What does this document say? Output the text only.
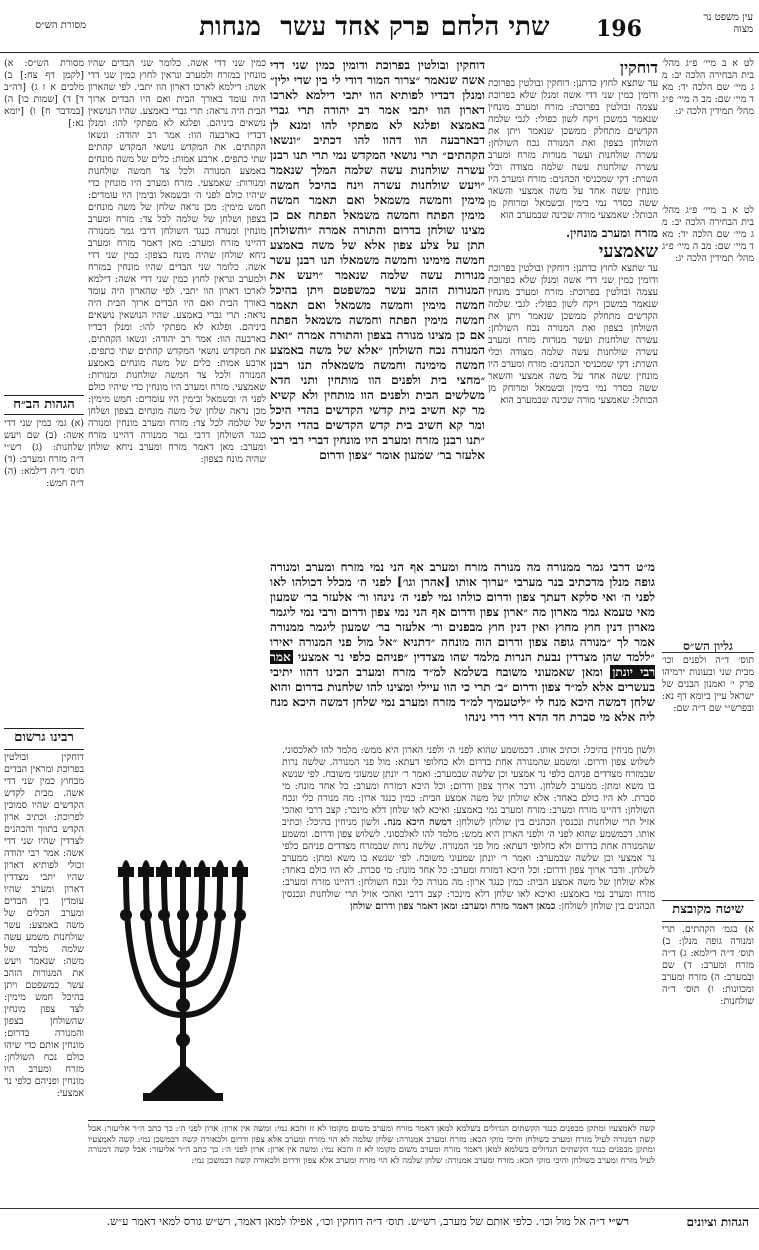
מסורת הש״ס	מנחות פרק אחד עשר שתי הלחם 196	עין משפט נר מצוה
לט א ב מיי׳ פ״ג מהל׳ בית הבחירה הלכה יב: מ ג מיי׳ שם הלכה יד: מא ד מיי׳ שם: מב ה מיי׳ פ״ג מהל׳ תמידין הלכה יג:
דוחקין
עד שתצא לחוץ כדתנן: דוחקין ובולטין בפרוכת ודומין כמין שני דדי אשה ומנלן שלא בפרוכת עצמה ובולטין בפרוכת: מזרח ומערב מונחין שנאמר במשכן ויקח לשון כפולי: לגבי שלמה הקדשים מתחלק ממשכן שנאמר ויתן את השולחן בצפון ואת המנורה נכח השולחן: עשרה שולחנות ועשר מנורות מזרח ומערב עשרה שולחנות עשה שלמה מצודה וכלי השרת: דקי שמכניסי הכהנים: מזרח ומערב היו מונחין ששה אחד על משה אמצעי והשאר ששה כסדר נמי בימין ובשמאל ומרוחק מן הכותל: שאמצעי מורה שכינה שבמערב הוא
מזרח ומערב מונחין.
שאמצעי
עד שתצא לחוץ כדתנן: דוחקין ובולטין בפרוכת ודומין כמין שני דדי אשה ומנלן שלא בפרוכת עצמה ובולטין בפרוכת: מזרח ומערב מונחין שנאמר במשכן ויקח לשון כפולי: לגבי שלמה הקדשים מתחלק ממשכן שנאמר ויתן את השולחן בצפון ואת המנורה נכח השולחן: עשרה שולחנות ועשר מנורות מזרח ומערב עשרה שולחנות עשה שלמה מצודה וכלי השרת: דקי שמכניסי הכהנים: מזרח ומערב היו מונחין ששה אחד על משה אמצעי והשאר ששה כסדר נמי בימין ובשמאל ומרוחק מן הכותל: שאמצעי מורה שכינה שבמערב הוא
לט א ב מיי׳ פ״ג מהל׳ בית הבחירה הלכה יב: מ ג מיי׳ שם הלכה יד: מא ד מיי׳ שם: מב ה מיי׳ פ״ג מהל׳ תמידין הלכה יג:
גליון הש״ס
תוס׳ ד״ה ולפנים וכו׳ מבית שני ובעונות ירמיהו פרק י׳ ואמנון הבנים של ישראל עיין ביומא דף נא: ובפרש״י שם ד״ה שם:
דוחקין ובולטין בפרוכת ודומין כמין שני דדי אשה שנאמר ״צרור המור דודי לי בין שדי ילין״ ומנלן דבדיו לפותיא הוו יתבי דילמא לארכו דארון הוו יתבי אמר רב יהודה תרי גברי באמצא ופלגא לא מפתקי להו ומנא לן דבארבעה הוו דהוו להו דכתיב ״ונשאו הקהתים״ תרי נושאי המקדש נמי תרי תנו רבנן עשרה שולחנות עשה שלמה המלך שנאמר ״ויעש שולחנות עשרה וינח בהיכל חמשה מימין וחמשה משמאל ואם תאמר חמשה מימין הפתח וחמשה משמאל הפתח אם כן מצינו שולחן בדרום והתורה אמרה ״והשולחן תתן על צלע צפון אלא של משה באמצע חמשה מימינו וחמשה משמאלו תנו רבנן עשר מנורות עשה שלמה שנאמר ״ויעש את המנורות הזהב עשר כמשפטם ויתן בהיכל חמשה מימין וחמשה משמאל ואם תאמר חמשה מימין הפתח וחמשה משמאל הפתח אם כן מצינו מנורה בצפון והתורה אמרה ״ואת המנורה נכח השולחן ״אלא של משה באמצע חמשה מימינה וחמשה משמאלה תנו רבנן ״מחצי בית ולפנים הוו מותחין ותני חדא משלשים הבית ולפנים הוו מותחין ולא קשיא מר קא חשיב בית קדשי הקדשים בהדי היכל ומר קא חשיב בית קדש הקדשים בהדי היכל ״תנו רבנן מזרח ומערב היו מונחין דברי רבי רבי אלעזר בר׳ שמעון אומר ״צפון ודרום
מ״ט דרבי גמר ממנורה מה מנורה מזרח ומערב אף הני נמי מזרח ומערב ומנורה גופה מנלן מדכתיב בנר מערבי ״ערוך אותו [אהרן וגו׳] לפני ה׳ מכלל דכולהו לאו לפני ה׳ ואי סלקא דעתך צפון ודרום כולהו נמי לפני ה׳ נינהו ור׳ אלעזר בר׳ שמעון מאי טעמא גמר מארון מה ״ארון צפון ודרום אף הני נמי צפון ודרום ורבי נמי ליגמר מארון דנין חוץ מחוץ ואין דנין חוץ מבפנים ור׳ אלעזר בר׳ שמעון ליגמר ממנורה אמר לך ״מנורה גופה צפון ודרום הוה מונחה ״דתניא ״אל מול פני המנורה יאירו ״ללמד שהן מצדדין נבעת הנרות מלמד שהו מצדדין ״פניהם כלפי נר אמצעי אמר רבי יונתן ומאן שאמעוני משובח בשלמא למ״ד מזרח ומערב הכינו דהוו יתיבי בעשרים אלא למ״ד צפון ודרום ״ב׳ תרי כי הוו עיילי ומצינו להו שלחנות בדרום והוא שלחן דמשה היכא מנח לי ״ליטעמיך למ״ד מזרח ומערב נמי שלחן דמשה היכא מנח ליה אלא מי סברת חד הדא דרי דרי נינהו
כמין שני דדי אשה. כלומר שני הבדים שהיו מונחין במזרח ולמערב ונראין לחוץ כמין שני דדי אשה: דילמא לארכו דארון הוו יתבי. לפי שהארון היה עומד באורך הבית ואם היו הבדים ארוך הבית היה נראה: תרי גברי באמצע. שהיו הנושאין נושאים ביניהם. ופלגא לא מפתקי להו: ומנלן דבדיו בארבעה הוו: אמר רב יהודה: ונשאו הקהתים. את המקדש נושאי המקדש קהתים שתי כתפים. ארבע אמות: כלים של משה מונחים באמצע המנורה ולכל צד חמשה שולחנות ומנורות: שאמצעי. מזרח ומערב היו מונחין כדי שיהיו כולם לפני ה׳ ובשמאל ובימין היו עומדים: חמש מימין: מכן נראה שלחן של משה מונחים בצפון ושלחן של שלמה לכל צד: מזרח ומערב מונחין ומנורה כנגד השולחן דרבי גמר ממנורה דהיינו מזרח ומערב: מאן דאמר מזרח ומערב ניחא שולחן שהיה מונח בצפון: כמין שני דדי אשה. כלומר שני הבדים שהיו מונחין במזרח ולמערב ונראין לחוץ כמין שני דדי אשה: דילמא לארכו דארון הוו יתבי. לפי שהארון היה עומד באורך הבית ואם היו הבדים ארוך הבית היה נראה: תרי גברי באמצע. שהיו הנושאין נושאים ביניהם. ופלגא לא מפתקי להו: ומנלן דבדיו בארבעה הוו: אמר רב יהודה: ונשאו הקהתים. את המקדש נושאי המקדש קהתים שתי כתפים. ארבע אמות: כלים של משה מונחים באמצע המנורה ולכל צד חמשה שולחנות ומנורות: שאמצעי. מזרח ומערב היו מונחין כדי שיהיו כולם לפני ה׳ ובשמאל ובימין היו עומדים: חמש מימין: מכן נראה שלחן של משה מונחים בצפון ושלחן של שלמה לכל צד: מזרח ומערב מונחין ומנורה כנגד השולחן דרבי גמר ממנורה דהיינו מזרח ומערב: מאן דאמר מזרח ומערב ניחא שולחן שהיה מונח בצפון:
מסורת הש״ס: א) [לקמן דף צח:] ב) מלכים א ז ג) [דה״ב ד] ד) [שמות כו] ה) [במדבר ח] ו) [יומא נא:]
הגהות הב״ח
(א) גמ׳ כמין שני דדי אשה: (ב) שם ויעש שלחנות: (ג) רש״י ד״ה מזרח ומערב: (ד) תוס׳ ד״ה דילמא: (ה) ד״ה חמש:
רבינו גרשום
דוחקין ובולטין בפרוכת ומראין הבדים מבחוץ כמין שני דדי אשה. מבית לקדש הקדשים שהיו סמוכין לפרוכת: וכתיב ארון הקדש בתווך והכהנים לצדדין שהיו שני דדי אשה: אמר רבי יהודה וכולי לפותיא דארון שהיו יתבי מצדדין דארון ומערב שהיו עומדין בין הבדים ומערב הכלים של משה באמצע: עשר שולחנות משמע עשה שלמה מלבד של משה: שנאמר ויעש את המנורות הזהב עשר כמשפטם ויתן בהיכל חמש מימין: לצד צפון מונחין שהשולחן בצפון והמנורה בדרום: מונחין אותם כדי שיהו כולם נכח השולחן: מזרח ומערב היו מונחין ופניהם כלפי נר אמצעי:
שיטה מקובצת
א) בגמ׳ הקהתים. תרי ומנורה גופה מנלן: ב) תוס׳ ד״ה דילמא: ג) ד״ה מזרח ומערב: ד) שם ובמערב: ה) מזרח ומערב ומכוונות: ו) תוס׳ ד״ה שולחנות:
ולשון מניחין בהיכל: וכתיב אותו. דכמשמע שהוא לפני ה׳ ולפני הארון היא ממש: מלמד להו לאלכסוני. לשלוש צפון ודרום. ומשמע שהמנורה אחת בדרום ולא כחלופי דעתא: מול פני המנורה. שלשה נרות שבמזרח מצדדים פניהם כלפי נר אמצעי וכן שלשה שבמערב: ואמר ר׳ יונתן שמעוני משובח. לפי שנשא בו משא ומתן: ממערב לשלחן. ודבר ארוך צפון ודרום: וכל היכא דמזרח ומערב: כל אחד מונח: מי סברת. לא היו כולם באחד: אלא שולחן של משה אמצע הבית: כמין כנגד ארון: מה מנורה כלי ונכח השולחן: דהיינו מזרח ומערב: מזרח ומערב נמי באמצע: ואיכא לאו שלחן דלא מינכר: קצב דרבי ואהכי אזיל תרי שולחנות ונכנסין הכהנים בין שולחן לשולחן: דמשה היכא מנח. ולשון מניחין בהיכל: וכתיב אותו. דכמשמע שהוא לפני ה׳ ולפני הארון היא ממש: מלמד להו לאלכסוני. לשלוש צפון ודרום. ומשמע שהמנורה אחת בדרום ולא כחלופי דעתא: מול פני המנורה. שלשה נרות שבמזרח מצדדים פניהם כלפי נר אמצעי וכן שלשה שבמערב: ואמר ר׳ יונתן שמעוני משובח. לפי שנשא בו משא ומתן: ממערב לשלחן. ודבר ארוך צפון ודרום: וכל היכא דמזרח ומערב: כל אחד מונח: מי סברת. לא היו כולם באחד: אלא שולחן של משה אמצע הבית: כמין כנגד ארון: מה מנורה כלי ונכח השולחן: דהיינו מזרח ומערב: מזרח ומערב נמי באמצע: ואיכא לאו שלחן דלא מינכר: קצב דרבי ואהכי אזיל תרי שולחנות ונכנסין הכהנים בין שולחן לשולחן: כמאן דאמר מזרח ומערב: ומאן דאמר צפון ודרום שולחן
קשה לאמצעיו ומתקן מבפנים כנגד הקשתים הגדולים בשלמא למאן דאמר מזרח ומערב משום מקומו לא זז והכא נמי: ומשה אין ארון: ארון לפני ה׳: כך כתב ה״ר אליעזר: אבל קשה דמנורה לעיל מזרח ומערב בשולחן והיכי מוקי הכא: מזרח ומערב אמנורה: שלחן שלמה לא הוי מזרח ומערב אלא צפון ודרום ולכאורה קשה דבמשכן נמי: קשה לאמצעיו ומתקן מבפנים כנגד הקשתים הגדולים בשלמא למאן דאמר מזרח ומערב משום מקומו לא זז והכא נמי: ומשה אין ארון: ארון לפני ה׳: כך כתב ה״ר אליעזר: אבל קשה דמנורה לעיל מזרח ומערב בשולחן והיכי מוקי הכא: מזרח ומערב אמנורה: שלחן שלמה לא הוי מזרח ומערב אלא צפון ודרום ולכאורה קשה דבמשכן נמי:
הגהות וציונים
רש״י ד״ה אל מול וכו׳. כלפי אותם של מערב, רש״ש. תוס׳ ד״ה דוחקין וכו׳, אפילו למאן דאמר, רש״ש גורס למאי דאמר ע״ש.
